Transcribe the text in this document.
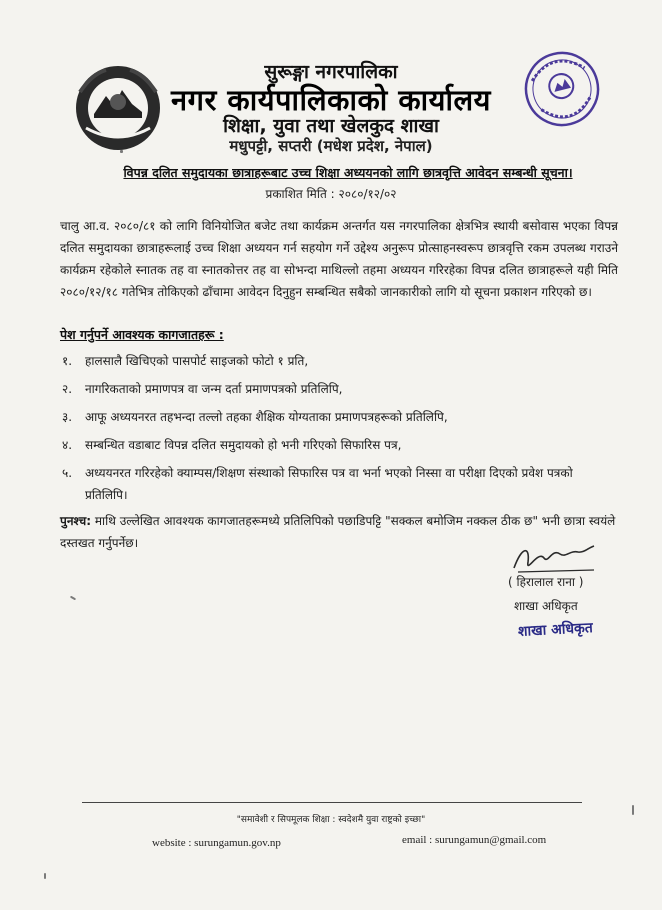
सुरूङ्गा नगरपालिका
नगर कार्यपालिकाको कार्यालय
शिक्षा, युवा तथा खेलकुद शाखा
मधुपट्टी, सप्तरी (मधेश प्रदेश, नेपाल)
विपन्न दलित समुदायका छात्राहरूबाट उच्च शिक्षा अध्ययनको लागि छात्रवृत्ति आवेदन सम्बन्धी सूचना।
प्रकाशित मिति : २०८०/१२/०२
चालु आ.व. २०८०/८१ को लागि विनियोजित बजेट तथा कार्यक्रम अन्तर्गत यस नगरपालिका क्षेत्रभित्र स्थायी बसोवास भएका विपन्न दलित समुदायका छात्राहरूलाई उच्च शिक्षा अध्ययन गर्न सहयोग गर्ने उद्देश्य अनुरूप प्रोत्साहनस्वरूप छात्रवृत्ति रकम उपलब्ध गराउने कार्यक्रम रहेकोले स्नातक तह वा स्नातकोत्तर तह वा सोभन्दा माथिल्लो तहमा अध्ययन गरिरहेका विपन्न दलित छात्राहरूले यही मिति २०८०/१२/१८ गतेभित्र तोकिएको ढाँचामा आवेदन दिनुहुन सम्बन्धित सबैको जानकारीको लागि यो सूचना प्रकाशन गरिएको छ।
पेश गर्नुपर्ने आवश्यक कागजातहरू :
१. हालसालै खिचिएको पासपोर्ट साइजको फोटो १ प्रति,
२. नागरिकताको प्रमाणपत्र वा जन्म दर्ता प्रमाणपत्रको प्रतिलिपि,
३. आफू अध्ययनरत तहभन्दा तल्लो तहका शैक्षिक योग्यताका प्रमाणपत्रहरूको प्रतिलिपि,
४. सम्बन्धित वडाबाट विपन्न दलित समुदायको हो भनी गरिएको सिफारिस पत्र,
५. अध्ययनरत गरिरहेको क्याम्पस/शिक्षण संस्थाको सिफारिस पत्र वा भर्ना भएको निस्सा वा परीक्षा दिएको प्रवेश पत्रको प्रतिलिपि।
पुनश्च: माथि उल्लेखित आवश्यक कागजातहरूमध्ये प्रतिलिपिको पछाडिपट्टि "सक्कल बमोजिम नक्कल ठीक छ" भनी छात्रा स्वयंले दस्तखत गर्नुपर्नेछ।
( हिरालाल राना )
शाखा अधिकृत
शाखा अधिकृत
"समावेशी र सिपमूलक शिक्षा : स्वदेशमै युवा राष्ट्रको इच्छा"
website : surungamun.gov.np	email : surungamun@gmail.com
